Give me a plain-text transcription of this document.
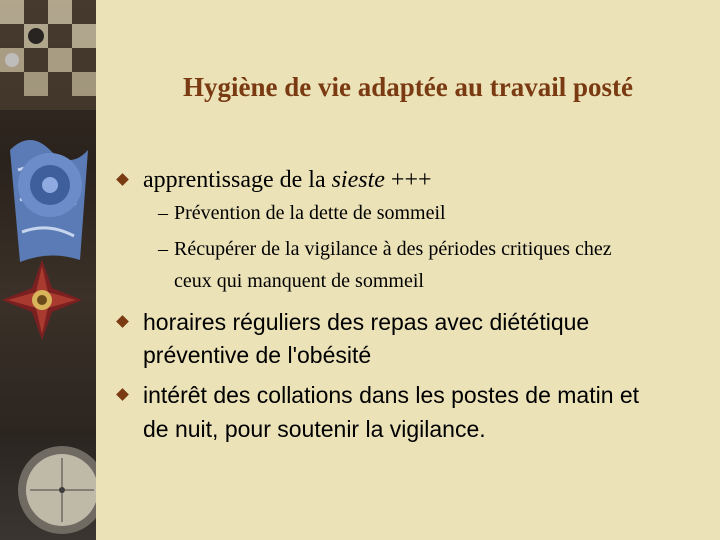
Hygiène de vie adaptée au travail posté
apprentissage de la sieste +++
– Prévention de la dette de sommeil
– Récupérer de la vigilance à des périodes critiques chez
ceux qui manquent de sommeil
horaires réguliers des repas avec diététique
préventive de l'obésité
intérêt des collations dans les postes de matin et
de nuit, pour soutenir la vigilance.
